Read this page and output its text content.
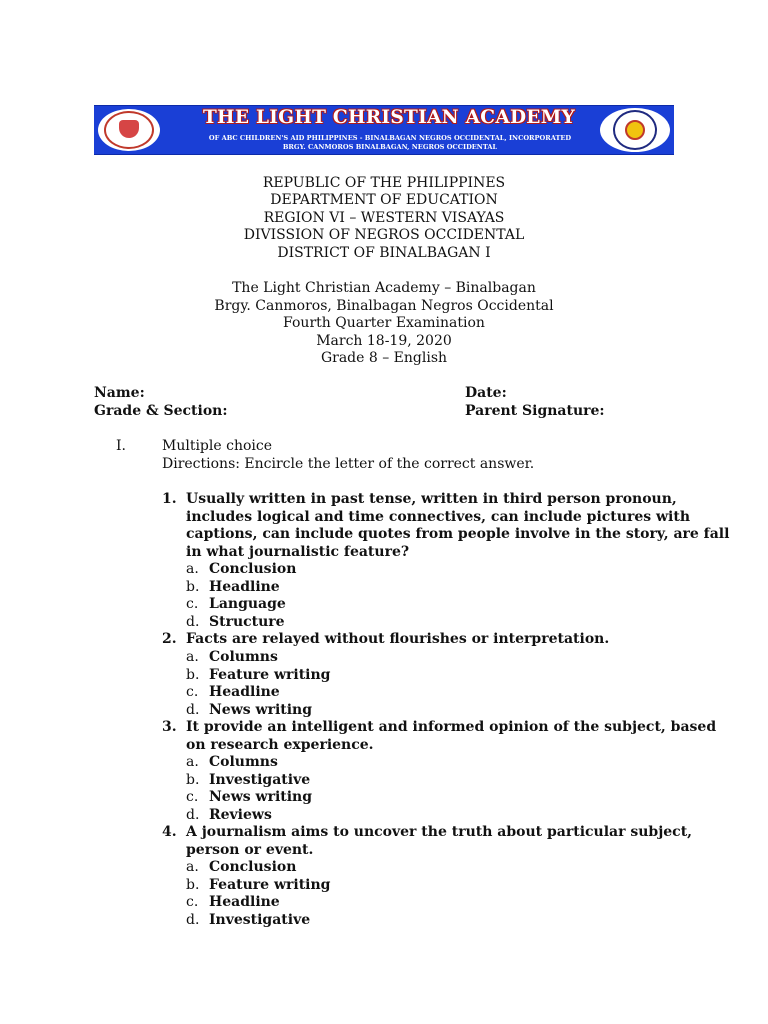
THE LIGHT CHRISTIAN ACADEMY
OF ABC CHILDREN'S AID PHILIPPINES - BINALBAGAN NEGROS OCCIDENTAL, INCORPORATED
BRGY. CANMOROS BINALBAGAN, NEGROS OCCIDENTAL
REPUBLIC OF THE PHILIPPINES
DEPARTMENT OF EDUCATION
REGION VI – WESTERN VISAYAS
DIVISSION OF NEGROS OCCIDENTAL
DISTRICT OF BINALBAGAN I
The Light Christian Academy – Binalbagan
Brgy. Canmoros, Binalbagan Negros Occidental
Fourth Quarter Examination
March 18-19, 2020
Grade 8 – English
Name:	Date:
Grade & Section:	Parent Signature:
I.	Multiple choice
Directions: Encircle the letter of the correct answer.
1. Usually written in past tense, written in third person pronoun,
includes logical and time connectives, can include pictures with
captions, can include quotes from people involve in the story, are fall
in what journalistic feature?
a. Conclusion
b. Headline
c. Language
d. Structure
2. Facts are relayed without flourishes or interpretation.
a. Columns
b. Feature writing
c. Headline
d. News writing
3. It provide an intelligent and informed opinion of the subject, based
on research experience.
a. Columns
b. Investigative
c. News writing
d. Reviews
4. A journalism aims to uncover the truth about particular subject,
person or event.
a. Conclusion
b. Feature writing
c. Headline
d. Investigative
